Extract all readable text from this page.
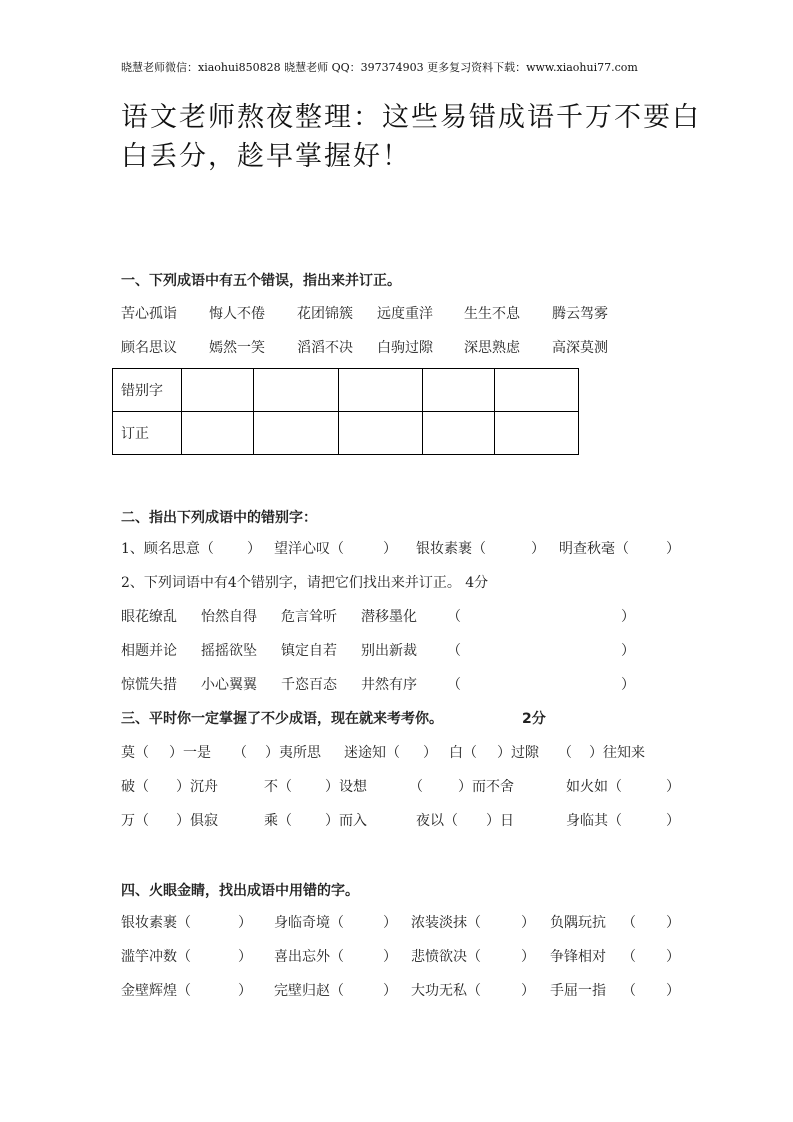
晓慧老师微信：xiaohui850828 晓慧老师 QQ：397374903 更多复习资料下载：www.xiaohui77.com
语文老师熬夜整理：这些易错成语千万不要白
白丢分，趁早掌握好！
一、下列成语中有五个错误，指出来并订正。
苦心孤诣 悔人不倦 花团锦簇 远度重洋 生生不息 腾云驾雾
顾名思议 嫣然一笑 滔滔不决 白驹过隙 深思熟虑 高深莫测
错别字					
订正					
二、指出下列成语中的错别字：
1、顾名思意（ ） 望洋心叹（	） 银妆素裹（	） 明查秋毫（	）
2、下列词语中有4个错别字，请把它们找出来并订正。 4分
眼花缭乱 怡然自得 危言耸听 潜移墨化 （	）
相题并论 摇摇欲坠 镇定自若 别出新裁 （	）
惊慌失措 小心翼翼 千恣百态 井然有序 （	）
三、平时你一定掌握了不少成语，现在就来考考你。	2分
莫（ ）一是 （ ）夷所思 迷途知（ ） 白（ ）过隙 （ ）往知来
破（ ）沉舟	不（ ）设想	（	）而不舍	如火如（	）
万（ ）俱寂	乘（ ）而入	夜以（ ）日	身临其（	）
四、火眼金睛，找出成语中用错的字。
银妆素裹（	） 身临奇境（	） 浓装淡抹（	） 负隅玩抗 （ ）
滥竽冲数（	） 喜出忘外（	） 悲愤欲决（	） 争锋相对 （ ）
金壁辉煌（	） 完壁归赵（	） 大功无私（	） 手屈一指 （ ）
